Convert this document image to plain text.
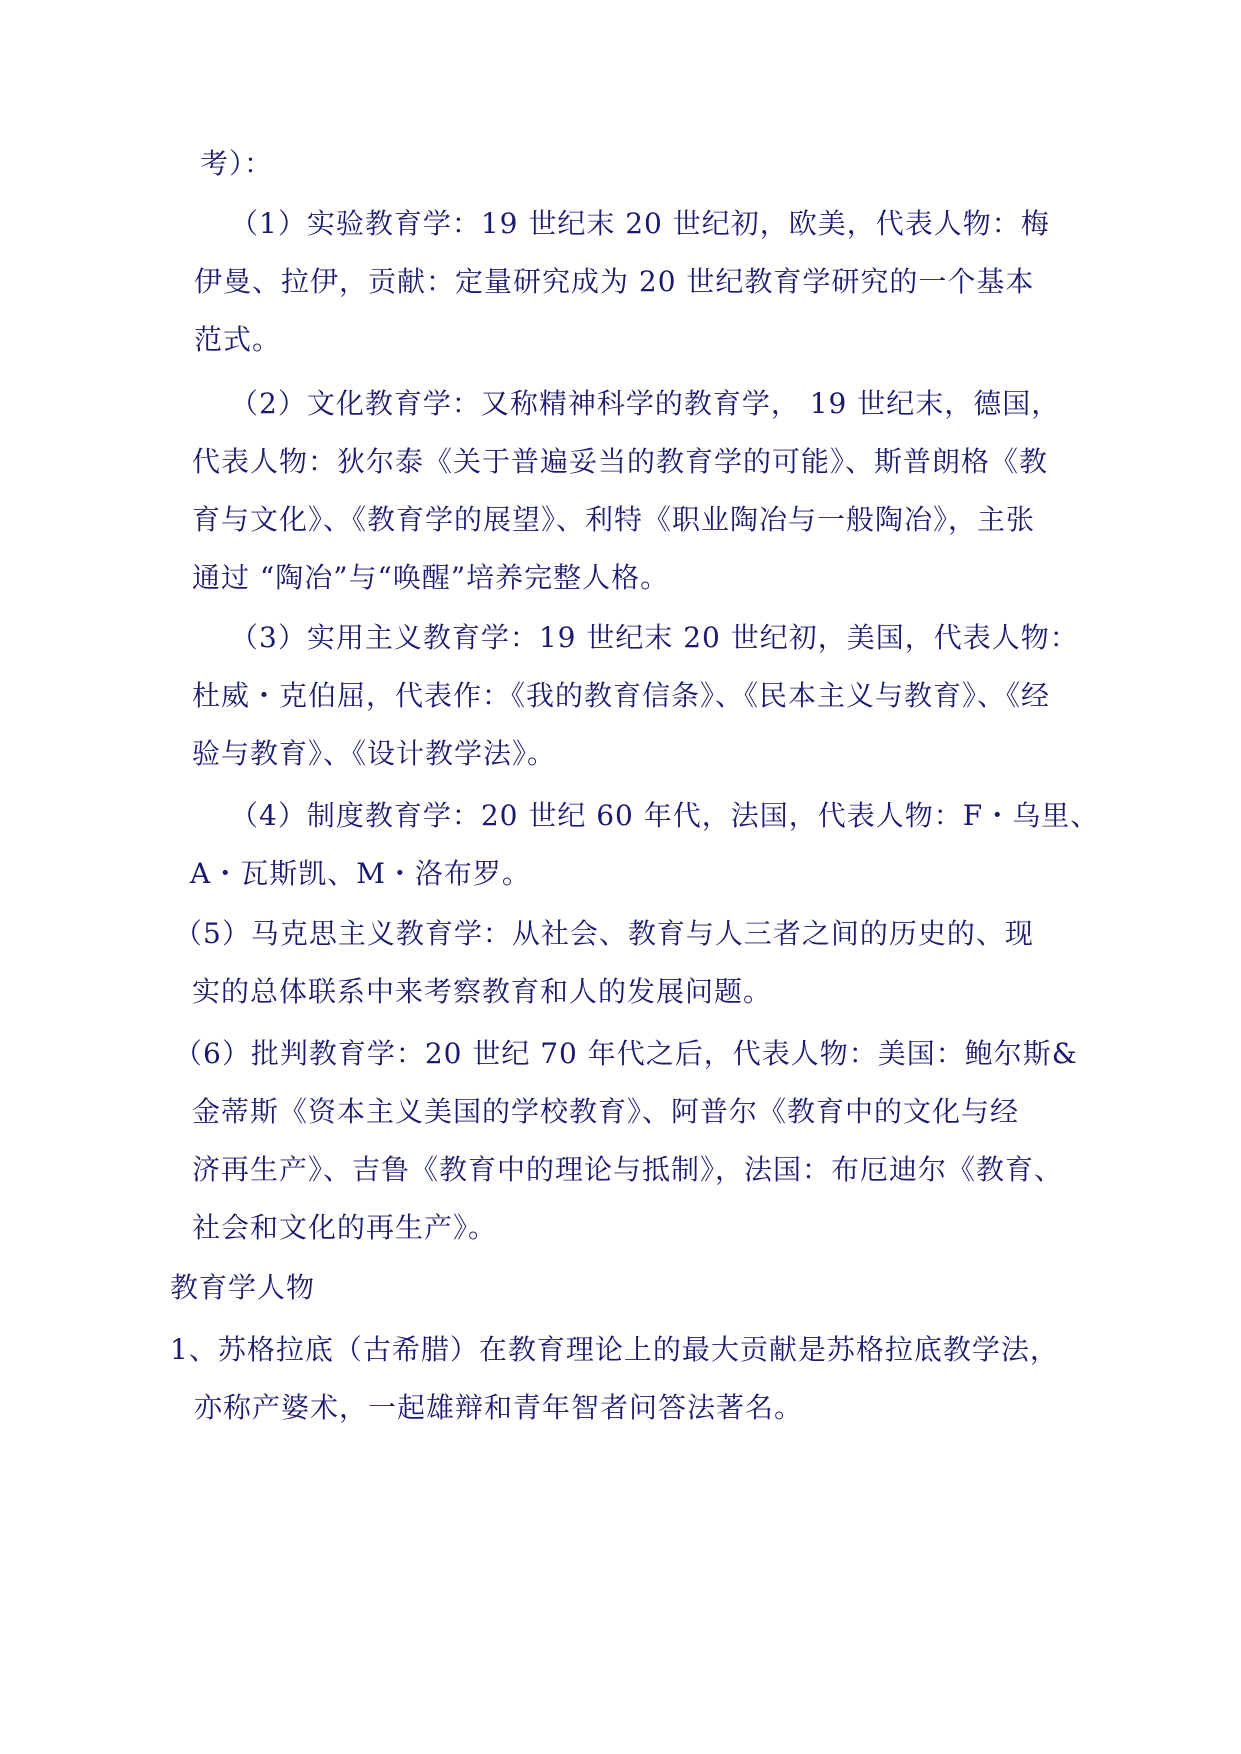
考）：
（1）实验教育学：19 世纪末 20 世纪初，欧美，代表人物：梅
伊曼、拉伊，贡献：定量研究成为 20 世纪教育学研究的一个基本
范式。
（2）文化教育学：又称精神科学的教育学， 19 世纪末，德国，
代表人物：狄尔泰《关于普遍妥当的教育学的可能》、斯普朗格《教
育与文化》、《教育学的展望》、利特《职业陶冶与一般陶冶》，主张
通过 “陶冶”与“唤醒”培养完整人格。
（3）实用主义教育学：19 世纪末 20 世纪初，美国，代表人物：
杜威・克伯屈，代表作：《我的教育信条》、《民本主义与教育》、《经
验与教育》、《设计教学法》。
（4）制度教育学：20 世纪 60 年代，法国，代表人物：F・乌里、
A・瓦斯凯、M・洛布罗。
（5）马克思主义教育学：从社会、教育与人三者之间的历史的、现
实的总体联系中来考察教育和人的发展问题。
（6）批判教育学：20 世纪 70 年代之后，代表人物：美国：鲍尔斯&
金蒂斯《资本主义美国的学校教育》、阿普尔《教育中的文化与经
济再生产》、吉鲁《教育中的理论与抵制》，法国：布厄迪尔《教育、
社会和文化的再生产》。
教育学人物
1、苏格拉底（古希腊）在教育理论上的最大贡献是苏格拉底教学法，
亦称产婆术，一起雄辩和青年智者问答法著名。
